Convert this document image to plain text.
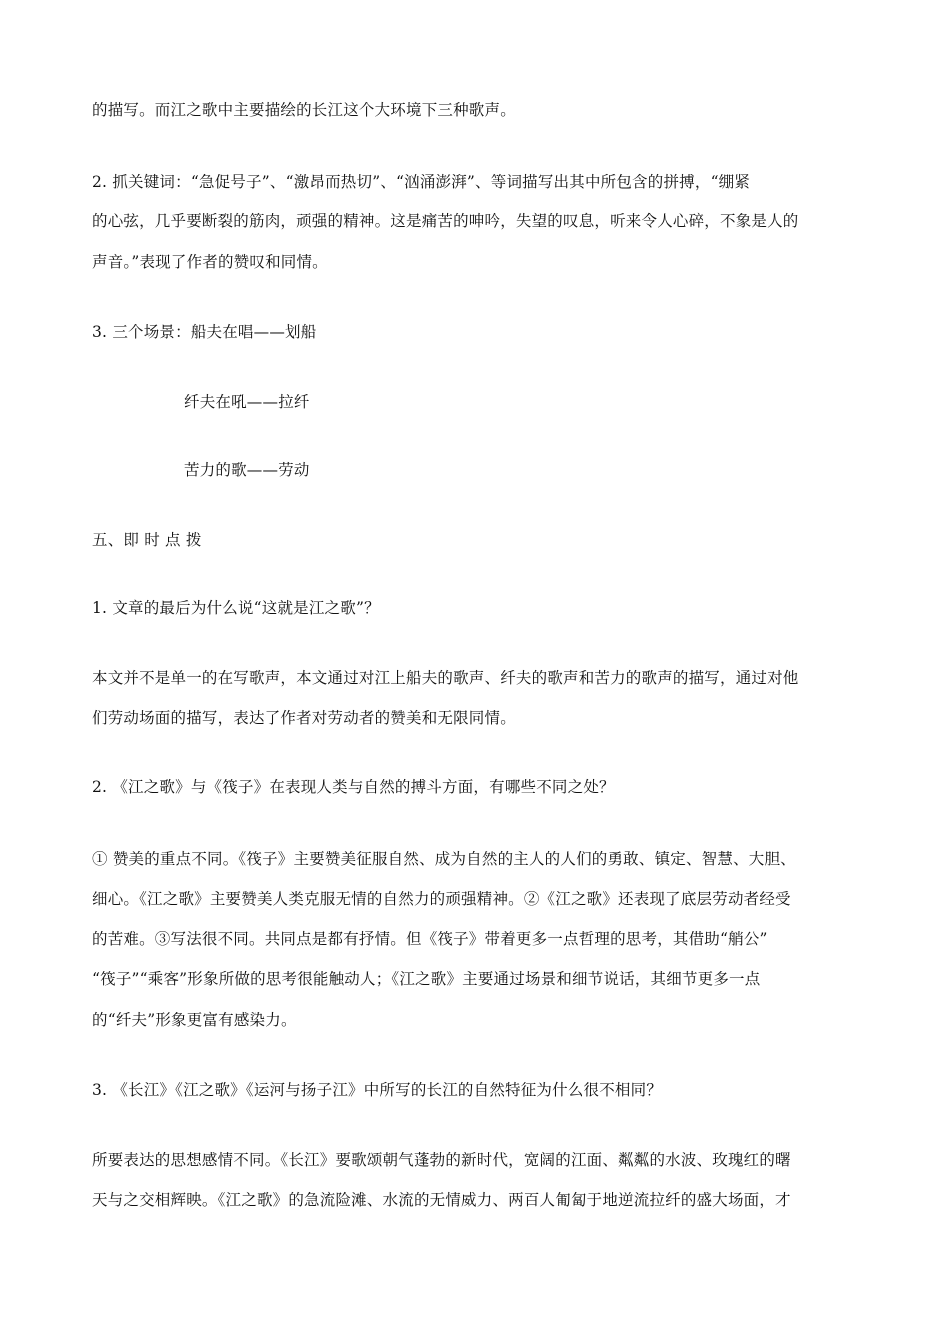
的描写。而江之歌中主要描绘的长江这个大环境下三种歌声。
2. 抓关键词：“急促号子”、“激昂而热切”、“汹涌澎湃”、等词描写出其中所包含的拼搏，“绷紧
的心弦，几乎要断裂的筋肉，顽强的精神。这是痛苦的呻吟，失望的叹息，听来令人心碎，不象是人的
声音。”表现了作者的赞叹和同情。
3. 三个场景：船夫在唱——划船
纤夫在吼——拉纤
苦力的歌——劳动
五、即 时 点 拨
1. 文章的最后为什么说“这就是江之歌”？
本文并不是单一的在写歌声，本文通过对江上船夫的歌声、纤夫的歌声和苦力的歌声的描写，通过对他
们劳动场面的描写，表达了作者对劳动者的赞美和无限同情。
2. 《江之歌》与《筏子》在表现人类与自然的搏斗方面，有哪些不同之处？
① 赞美的重点不同。《筏子》主要赞美征服自然、成为自然的主人的人们的勇敢、镇定、智慧、大胆、
细心。《江之歌》主要赞美人类克服无情的自然力的顽强精神。②《江之歌》还表现了底层劳动者经受
的苦难。③写法很不同。共同点是都有抒情。但《筏子》带着更多一点哲理的思考，其借助“艄公”
“筏子”“乘客”形象所做的思考很能触动人；《江之歌》主要通过场景和细节说话，其细节更多一点
的“纤夫”形象更富有感染力。
3. 《长江》《江之歌》《运河与扬子江》中所写的长江的自然特征为什么很不相同？
所要表达的思想感情不同。《长江》要歌颂朝气蓬勃的新时代，宽阔的江面、粼粼的水波、玫瑰红的曙
天与之交相辉映。《江之歌》的急流险滩、水流的无情威力、两百人匍匐于地逆流拉纤的盛大场面，才
